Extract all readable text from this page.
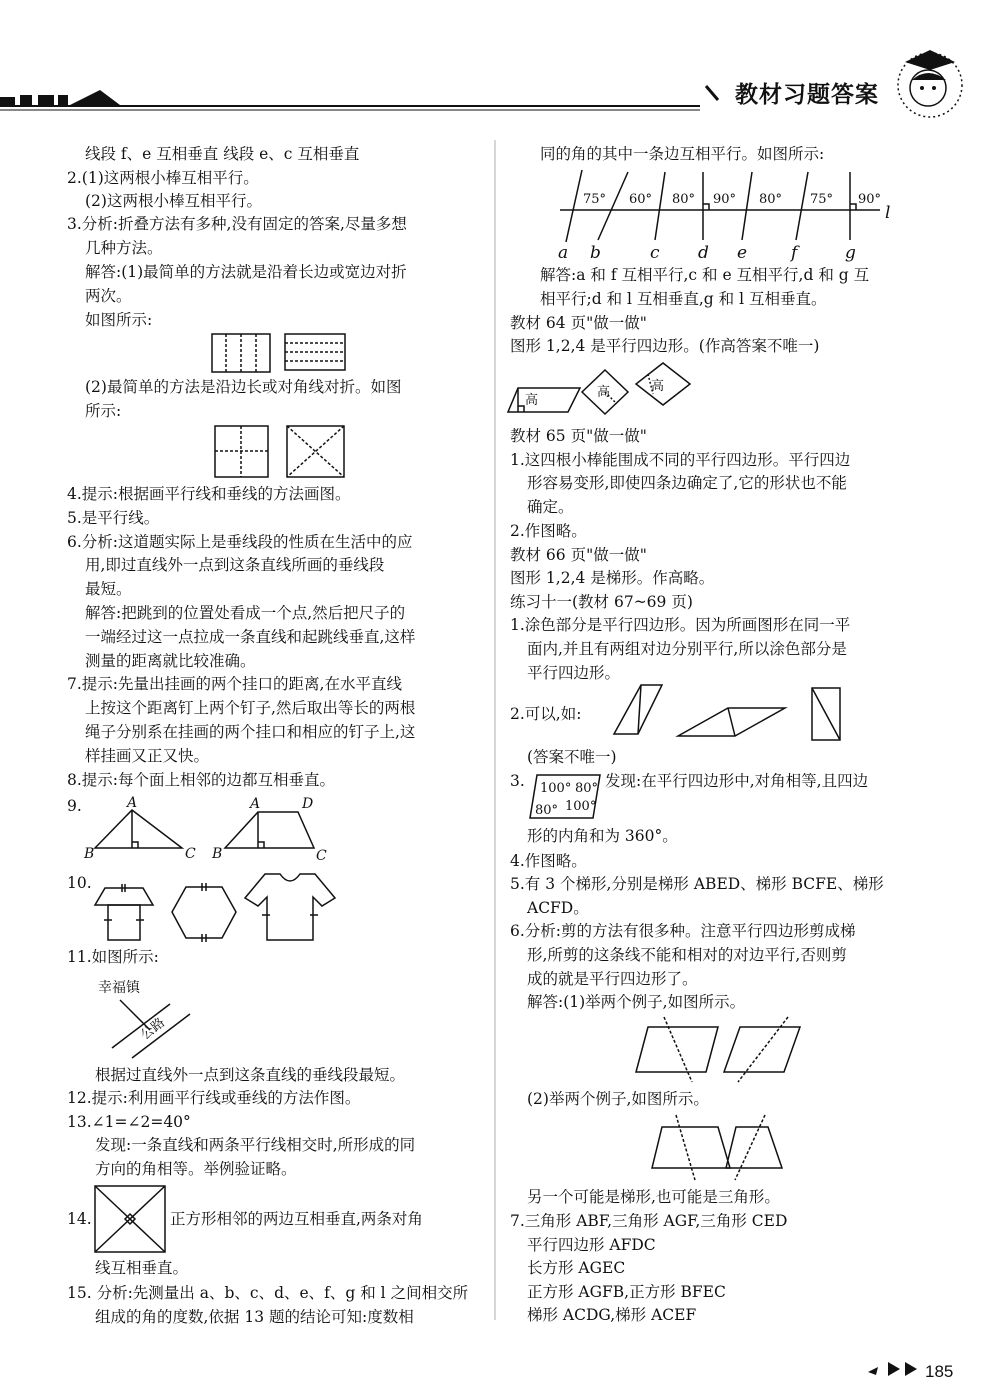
教材习题答案
185
线段 f、e 互相垂直 线段 e、c 互相垂直
2.(1)这两根小棒互相平行。
(2)这两根小棒互相平行。
3.分析:折叠方法有多种,没有固定的答案,尽量多想
几种方法。
解答:(1)最简单的方法就是沿着长边或宽边对折
两次。
如图所示:
(2)最简单的方法是沿边长或对角线对折。如图
所示:
4.提示:根据画平行线和垂线的方法画图。
5.是平行线。
6.分析:这道题实际上是垂线段的性质在生活中的应
用,即过直线外一点到这条直线所画的垂线段
最短。
解答:把跳到的位置处看成一个点,然后把尺子的
一端经过这一点拉成一条直线和起跳线垂直,这样
测量的距离就比较准确。
7.提示:先量出挂画的两个挂口的距离,在水平直线
上按这个距离钉上两个钉子,然后取出等长的两根
绳子分别系在挂画的两个挂口和相应的钉子上,这
样挂画又正又快。
8.提示:每个面上相邻的边都互相垂直。
9.
10.
11.如图所示:
根据过直线外一点到这条直线的垂线段最短。
12.提示:利用画平行线或垂线的方法作图。
13.∠1=∠2=40°
发现:一条直线和两条平行线相交时,所形成的同
方向的角相等。举例验证略。
14.	正方形相邻的两边互相垂直,两条对角
线互相垂直。
15. 分析:先测量出 a、b、c、d、e、f、g 和 l 之间相交所
组成的角的度数,依据 13 题的结论可知:度数相
同的角的其中一条边互相平行。如图所示:
解答:a 和 f 互相平行,c 和 e 互相平行,d 和 g 互
相平行;d 和 l 互相垂直,g 和 l 互相垂直。
教材 64 页"做一做"
图形 1,2,4 是平行四边形。(作高答案不唯一)
教材 65 页"做一做"
1.这四根小棒能围成不同的平行四边形。平行四边
形容易变形,即使四条边确定了,它的形状也不能
确定。
2.作图略。
教材 66 页"做一做"
图形 1,2,4 是梯形。作高略。
练习十一(教材 67~69 页)
1.涂色部分是平行四边形。因为所画图形在同一平
面内,并且有两组对边分别平行,所以涂色部分是
平行四边形。
2.可以,如:
(答案不唯一)
3.	发现:在平行四边形中,对角相等,且四边
形的内角和为 360°。
4.作图略。
5.有 3 个梯形,分别是梯形 ABED、梯形 BCFE、梯形
ACFD。
6.分析:剪的方法有很多种。注意平行四边形剪成梯
形,所剪的这条线不能和相对的对边平行,否则剪
成的就是平行四边形了。
解答:(1)举两个例子,如图所示。
(2)举两个例子,如图所示。
另一个可能是梯形,也可能是三角形。
7.三角形 ABF,三角形 AGF,三角形 CED
平行四边形 AFDC
长方形 AGEC
正方形 AGFB,正方形 BFEC
梯形 ACDG,梯形 ACEF
A
B	C
A	D
B	C
幸福镇
公路
75° 60° 80° 90° 80° 75° 90°
a b	c d e	f	g
l
高
高	高
100° 80°
80° 100°
